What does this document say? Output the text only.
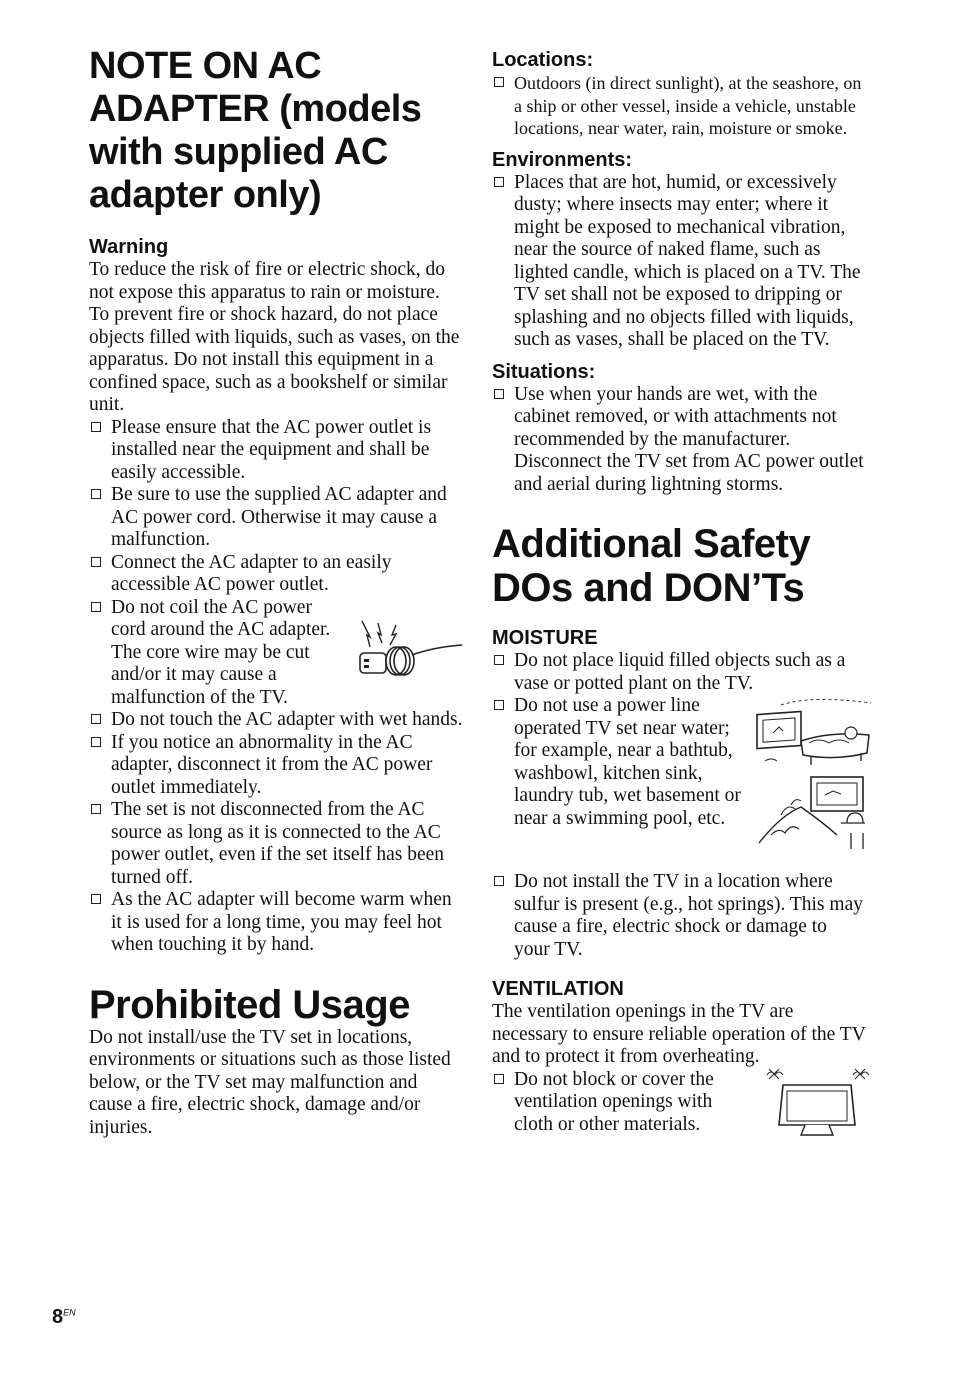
NOTE ON AC
ADAPTER (models
with supplied AC
adapter only)
Warning

To reduce the risk of fire or electric shock, do not expose this apparatus to rain or moisture.

To prevent fire or shock hazard, do not place objects filled with liquids, such as vases, on the apparatus. Do not install this equipment in a confined space, such as a bookshelf or similar unit.

Please ensure that the AC power outlet is installed near the equipment and shall be easily accessible.
Be sure to use the supplied AC adapter and AC power cord. Otherwise it may cause a malfunction.
Connect the AC adapter to an easily accessible AC power outlet.
Do not coil the AC power cord around the AC adapter. The core wire may be cut and/or it may cause a malfunction of the TV.
Do not touch the AC adapter with wet hands.
If you notice an abnormality in the AC adapter, disconnect it from the AC power outlet immediately.
The set is not disconnected from the AC source as long as it is connected to the AC power outlet, even if the set itself has been turned off.
As the AC adapter will become warm when it is used for a long time, you may feel hot when touching it by hand.
Prohibited Usage

Do not install/use the TV set in locations, environments or situations such as those listed below, or the TV set may malfunction and cause a fire, electric shock, damage and/or injuries.

Locations:
Outdoors (in direct sunlight), at the seashore, on a ship or other vessel, inside a vehicle, unstable locations, near water, rain, moisture or smoke.
Environments:
Places that are hot, humid, or excessively dusty; where insects may enter; where it might be exposed to mechanical vibration, near the source of naked flame, such as lighted candle, which is placed on a TV. The TV set shall not be exposed to dripping or splashing and no objects filled with liquids, such as vases, shall be placed on the TV.
Situations:
Use when your hands are wet, with the cabinet removed, or with attachments not recommended by the manufacturer. Disconnect the TV set from AC power outlet and aerial during lightning storms.
Additional Safety
DOs and DON’Ts
MOISTURE
Do not place liquid filled objects such as a vase or potted plant on the TV.
Do not use a power line operated TV set near water; for example, near a bathtub, washbowl, kitchen sink, laundry tub, wet basement or near a swimming pool, etc.
Do not install the TV in a location where sulfur is present (e.g., hot springs). This may cause a fire, electric shock or damage to your TV.
VENTILATION

The ventilation openings in the TV are necessary to ensure reliable operation of the TV and to protect it from overheating.

Do not block or cover the ventilation openings with cloth or other materials.
$8^{EN}$
